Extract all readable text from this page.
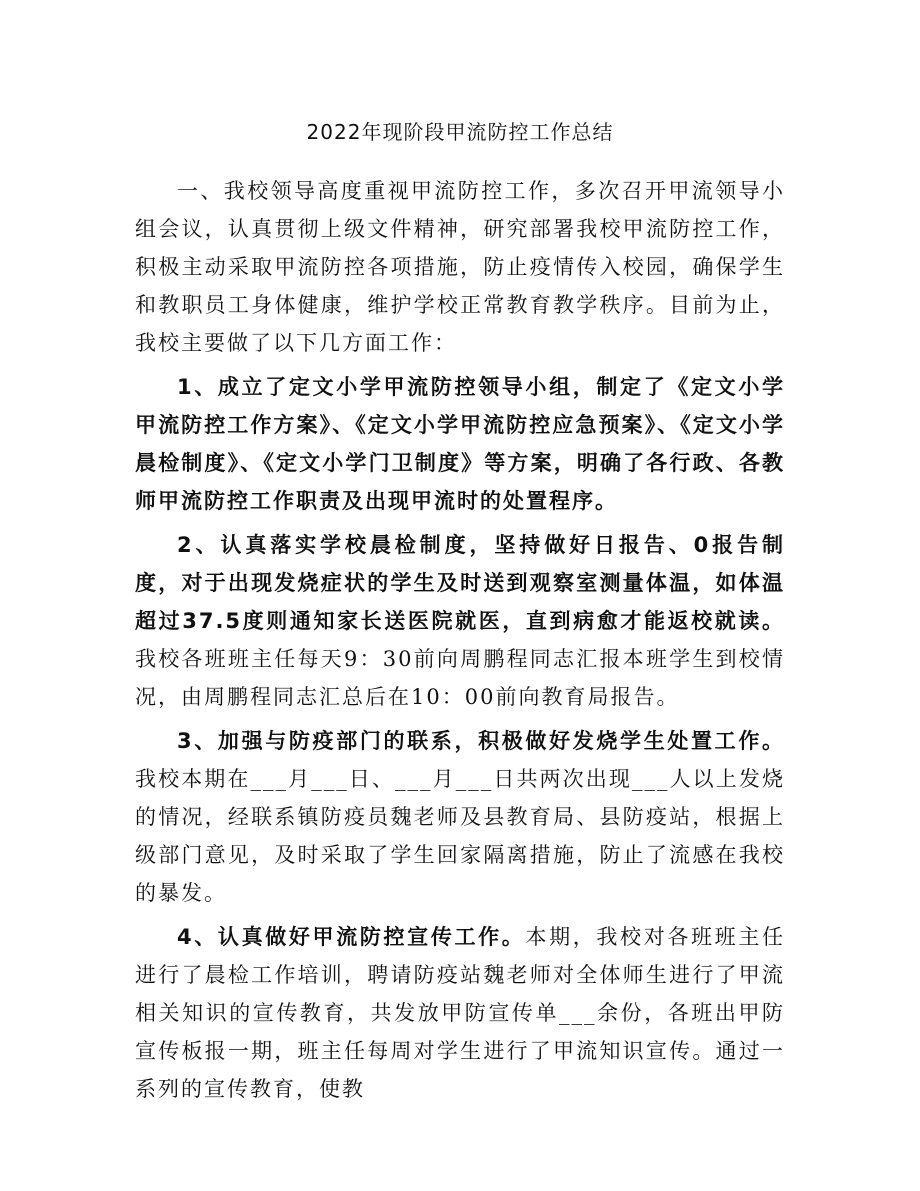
2022年现阶段甲流防控工作总结

一、我校领导高度重视甲流防控工作，多次召开甲流领导小组会议，认真贯彻上级文件精神，研究部署我校甲流防控工作，积极主动采取甲流防控各项措施，防止疫情传入校园，确保学生和教职员工身体健康，维护学校正常教育教学秩序。目前为止，我校主要做了以下几方面工作：

1、成立了定文小学甲流防控领导小组，制定了《定文小学甲流防控工作方案》、《定文小学甲流防控应急预案》、《定文小学晨检制度》、《定文小学门卫制度》等方案，明确了各行政、各教师甲流防控工作职责及出现甲流时的处置程序。

2、认真落实学校晨检制度，坚持做好日报告、0报告制度，对于出现发烧症状的学生及时送到观察室测量体温，如体温超过37.5度则通知家长送医院就医，直到病愈才能返校就读。我校各班班主任每天9：30前向周鹏程同志汇报本班学生到校情况，由周鹏程同志汇总后在10：00前向教育局报告。

3、加强与防疫部门的联系，积极做好发烧学生处置工作。我校本期在___月___日、___月___日共两次出现___人以上发烧的情况，经联系镇防疫员魏老师及县教育局、县防疫站，根据上级部门意见，及时采取了学生回家隔离措施，防止了流感在我校的暴发。

4、认真做好甲流防控宣传工作。本期，我校对各班班主任进行了晨检工作培训，聘请防疫站魏老师对全体师生进行了甲流相关知识的宣传教育，共发放甲防宣传单___余份，各班出甲防宣传板报一期，班主任每周对学生进行了甲流知识宣传。通过一系列的宣传教育，使教
